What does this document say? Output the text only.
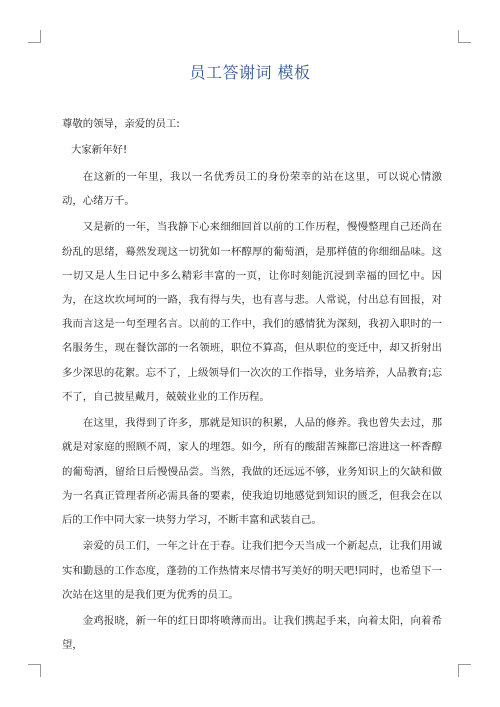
员工答谢词 模板

尊敬的领导，亲爱的员工:

大家新年好!

在这新的一年里，我以一名优秀员工的身份荣幸的站在这里，可以说心情激动，心绪万千。

又是新的一年，当我静下心来细细回首以前的工作历程，慢慢整理自己还尚在纷乱的思绪，蓦然发现这一切犹如一杯醇厚的葡萄酒，是那样值的你细细品味。这一切又是人生日记中多么精彩丰富的一页，让你时刻能沉浸到幸福的回忆中。因为，在这坎坎坷坷的一路，我有得与失，也有喜与悲。人常说，付出总有回报，对我而言这是一句至理名言。以前的工作中，我们的感情犹为深刻，我初入职时的一名服务生，现在餐饮部的一名领班，职位不算高，但从职位的变迁中，却又折射出多少深思的花絮。忘不了，上级领导们一次次的工作指导，业务培养，人品教育;忘不了，自己披星戴月，兢兢业业的工作历程。

在这里，我得到了许多，那就是知识的积累，人品的修养。我也曾失去过，那就是对家庭的照顾不周，家人的埋怨。如今，所有的酸甜苦辣都已溶进这一杯香醇的葡萄酒，留给日后慢慢品尝。当然，我做的还远远不够，业务知识上的欠缺和做为一名真正管理者所必需具备的要素，使我迫切地感觉到知识的匮乏，但我会在以后的工作中同大家一块努力学习，不断丰富和武装自己。

亲爱的员工们，一年之计在于春。让我们把今天当成一个新起点，让我们用诚实和勤恳的工作态度，蓬勃的工作热情来尽情书写美好的明天吧!同时，也希望下一次站在这里的是我们更为优秀的员工。

金鸡报晓，新一年的红日即将喷薄而出。让我们携起手来，向着太阳，向着希望，
